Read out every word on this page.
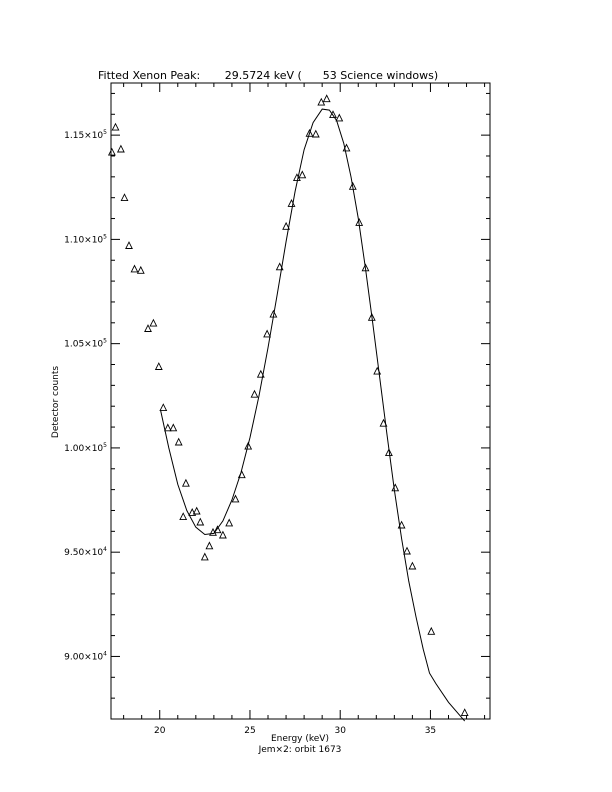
Fitted Xenon Peak:       29.5724 keV (      53 Science windows)
20	25	30	35
$9.00\times 10^4$
$9.50\times 10^4$
$1.00\times 10^5$
$1.05\times 10^5$
$1.10\times 10^5$
$1.15\times 10^5$
Energy (keV)
Jem×2: orbit 1673
Detector counts
